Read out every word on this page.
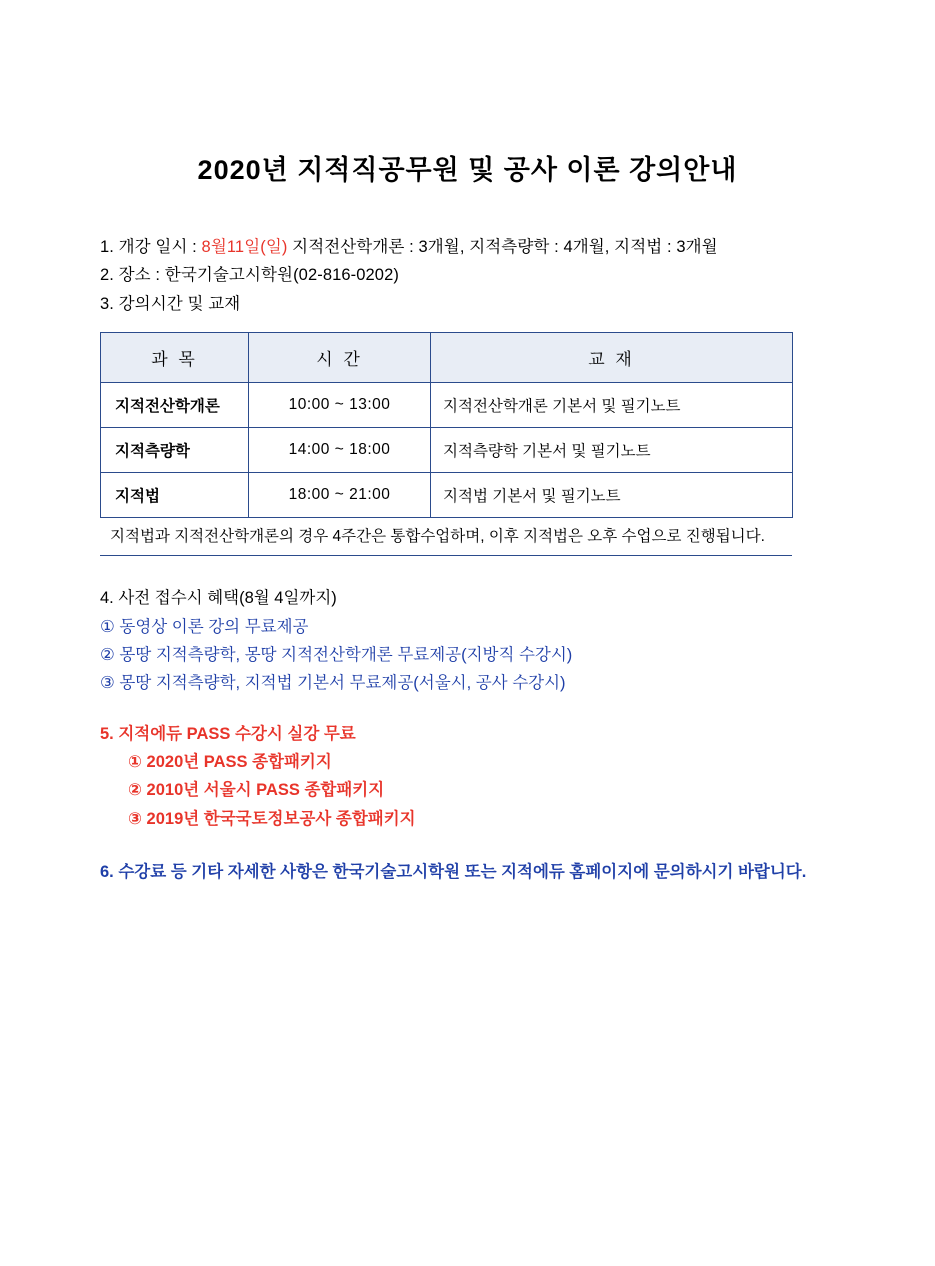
2020년 지적직공무원 및 공사 이론 강의안내
1. 개강 일시 : 8월11일(일) 지적전산학개론 : 3개월, 지적측량학 : 4개월, 지적법 : 3개월
2. 장소 : 한국기술고시학원(02-816-0202)
3. 강의시간 및 교재
과 목	시 간	교 재
지적전산학개론	10:00 ~ 13:00	지적전산학개론 기본서 및 필기노트
지적측량학	14:00 ~ 18:00	지적측량학 기본서 및 필기노트
지적법	18:00 ~ 21:00	지적법 기본서 및 필기노트
지적법과 지적전산학개론의 경우 4주간은 통합수업하며, 이후 지적법은 오후 수업으로 진행됩니다.
4. 사전 접수시 혜택(8월 4일까지)
① 동영상 이론 강의 무료제공
② 몽땅 지적측량학, 몽땅 지적전산학개론 무료제공(지방직 수강시)
③ 몽땅 지적측량학, 지적법 기본서 무료제공(서울시, 공사 수강시)
5. 지적에듀 PASS 수강시 실강 무료
① 2020년 PASS 종합패키지
② 2010년 서울시 PASS 종합패키지
③ 2019년 한국국토정보공사 종합패키지
6. 수강료 등 기타 자세한 사항은 한국기술고시학원 또는 지적에듀 홈페이지에 문의하시기 바랍니다.
